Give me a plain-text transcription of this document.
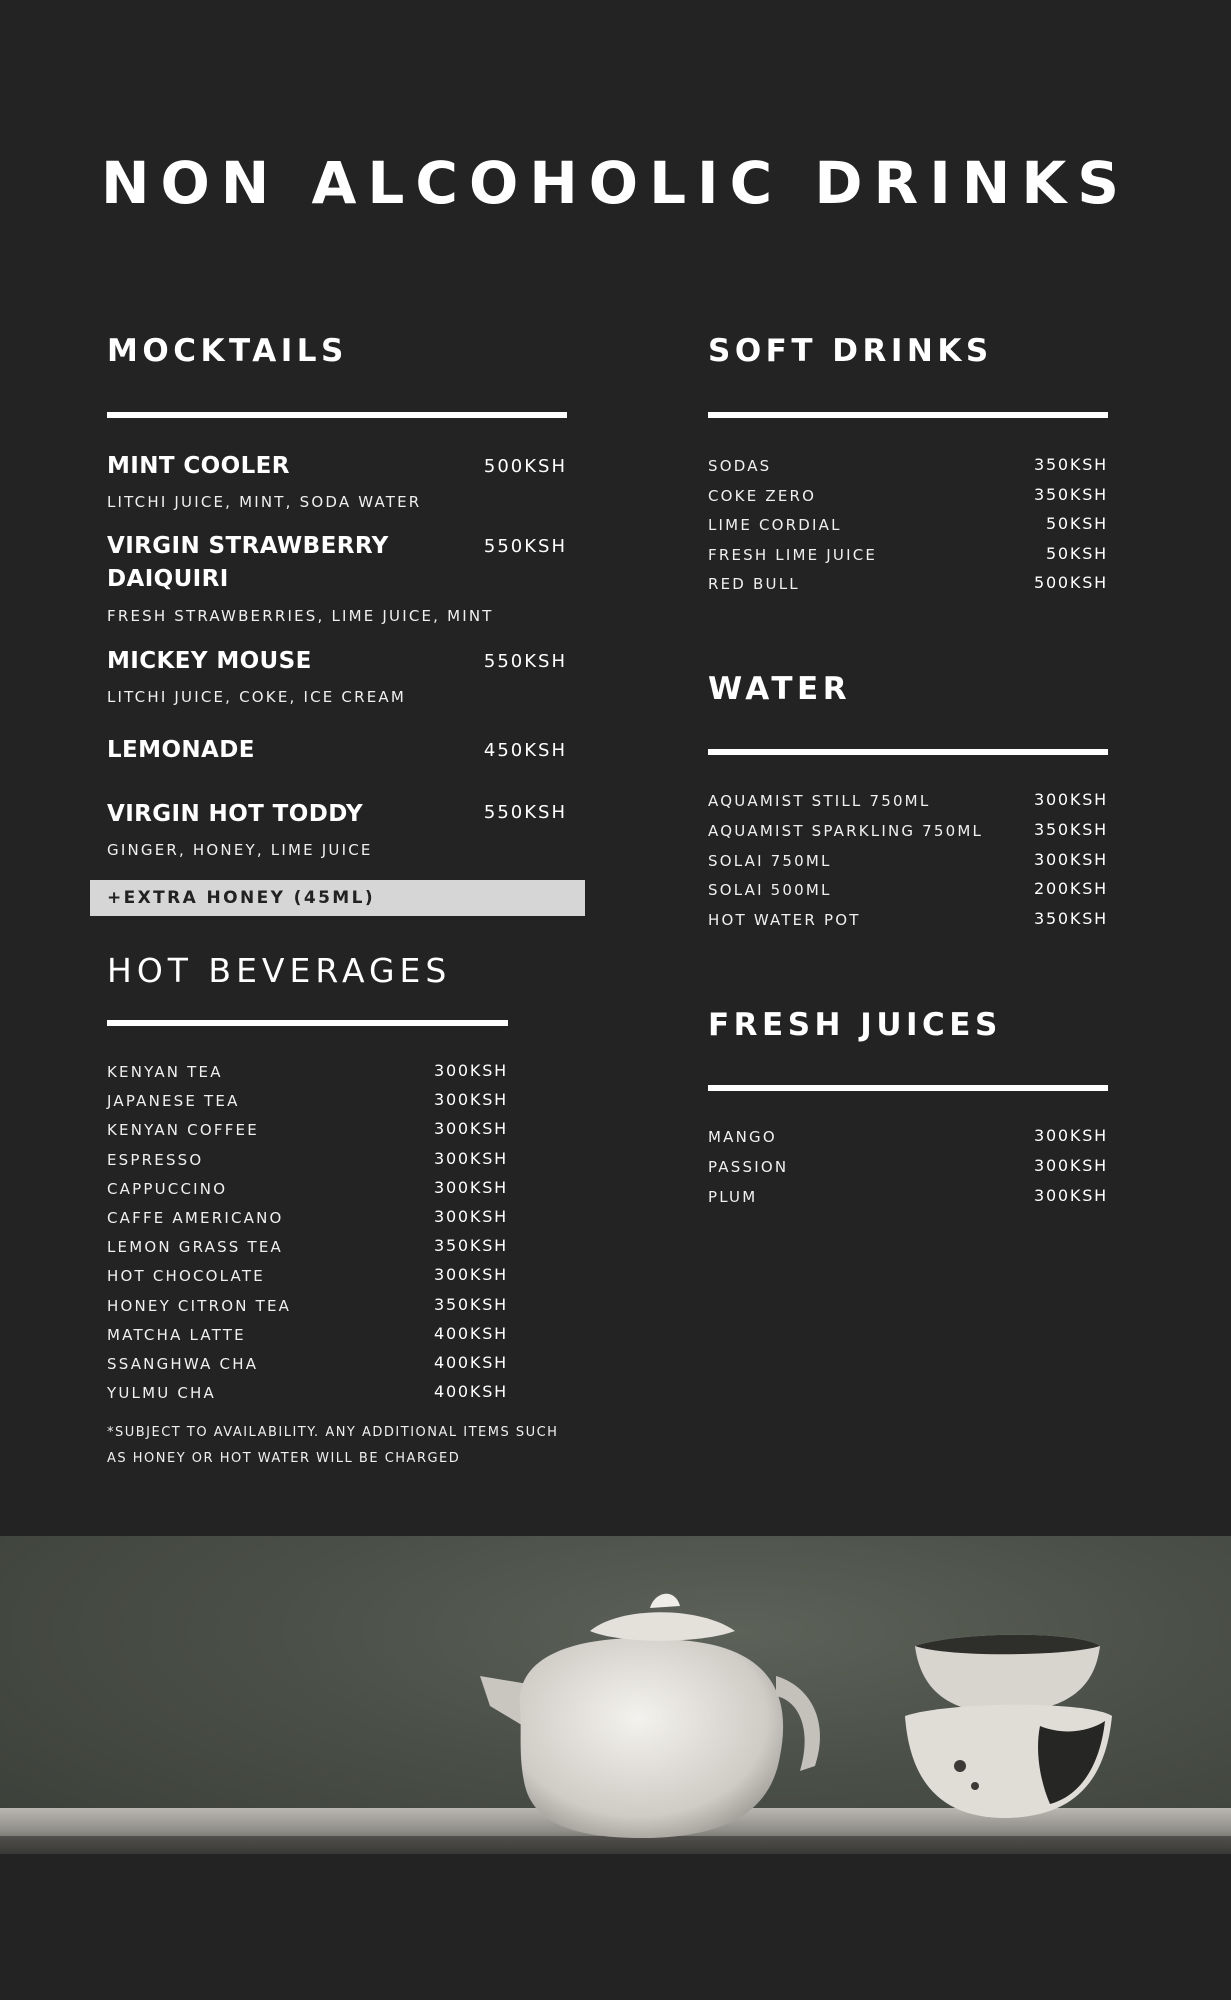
NON ALCOHOLIC DRINKS
MOCKTAILS
MINT COOLER	500KSH
LITCHI JUICE, MINT, SODA WATER
VIRGIN STRAWBERRY
DAIQUIRI
550KSH
FRESH STRAWBERRIES, LIME JUICE, MINT
MICKEY MOUSE	550KSH
LITCHI JUICE, COKE, ICE CREAM
LEMONADE	450KSH
VIRGIN HOT TODDY	550KSH
GINGER, HONEY, LIME JUICE
+EXTRA HONEY (45ML)
HOT BEVERAGES
KENYAN TEA	300KSH
JAPANESE TEA	300KSH
KENYAN COFFEE	300KSH
ESPRESSO	300KSH
CAPPUCCINO	300KSH
CAFFE AMERICANO	300KSH
LEMON GRASS TEA	350KSH
HOT CHOCOLATE	300KSH
HONEY CITRON TEA	350KSH
MATCHA LATTE	400KSH
SSANGHWA CHA	400KSH
YULMU CHA	400KSH
*SUBJECT TO AVAILABILITY. ANY ADDITIONAL ITEMS SUCH
AS HONEY OR HOT WATER WILL BE CHARGED
SOFT DRINKS
SODAS	350KSH
COKE ZERO	350KSH
LIME CORDIAL	50KSH
FRESH LIME JUICE	50KSH
RED BULL	500KSH
WATER
AQUAMIST STILL 750ML	300KSH
AQUAMIST SPARKLING 750ML	350KSH
SOLAI 750ML	300KSH
SOLAI 500ML	200KSH
HOT WATER POT	350KSH
FRESH JUICES
MANGO	300KSH
PASSION	300KSH
PLUM	300KSH
